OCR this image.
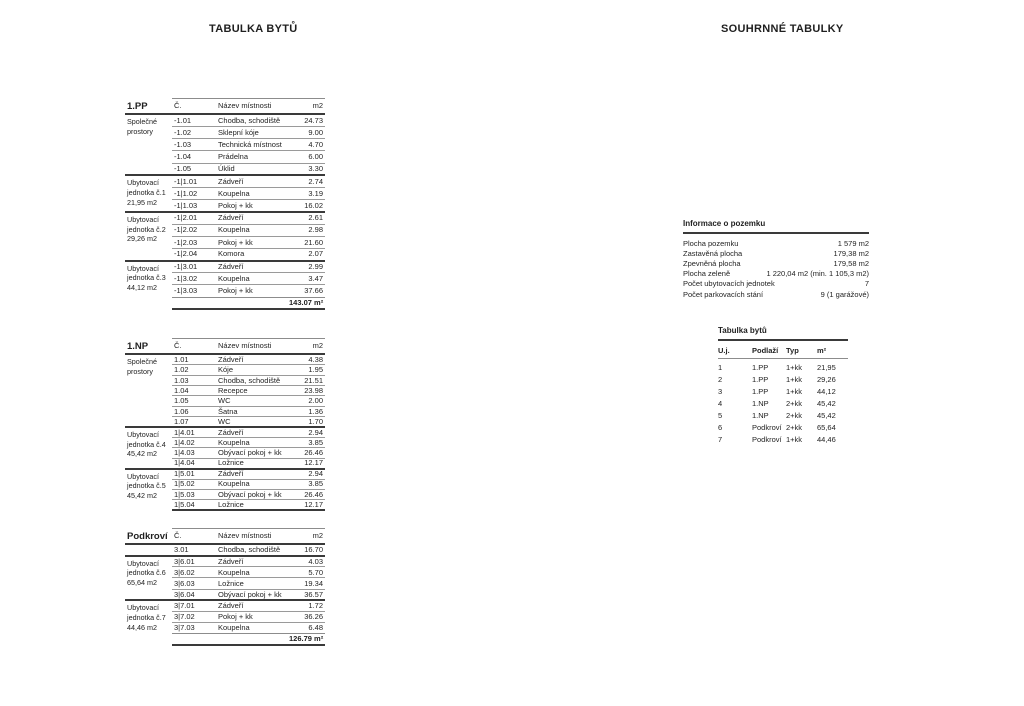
TABULKA BYTŮ	SOUHRNNÉ TABULKY
1.PP	Č.	Název místnosti	m2
Společné prostory	-1.01	Chodba, schodiště	24.73
	-1.02	Sklepní kóje	9.00
	-1.03	Technická místnost	4.70
	-1.04	Prádelna	6.00
	-1.05	Úklid	3.30
Ubytovací jednotka č.1 21,95 m2	-1|1.01	Zádveří	2.74
	-1|1.02	Koupelna	3.19
	-1|1.03	Pokoj + kk	16.02
Ubytovací jednotka č.2 29,26 m2	-1|2.01	Zádveří	2.61
	-1|2.02	Koupelna	2.98
	-1|2.03	Pokoj + kk	21.60
	-1|2.04	Komora	2.07
Ubytovací jednotka č.3 44,12 m2	-1|3.01	Zádveří	2.99
	-1|3.02	Koupelna	3.47
	-1|3.03	Pokoj + kk	37.66
			143.07 m²
1.NP	Č.	Název místnosti	m2
Společné prostory	1.01	Zádveří	4.38
	1.02	Kóje	1.95
	1.03	Chodba, schodiště	21.51
	1.04	Recepce	23.98
	1.05	WC	2.00
	1.06	Šatna	1.36
	1.07	WC	1.70
Ubytovací jednotka č.4 45,42 m2	1|4.01	Zádveří	2.94
	1|4.02	Koupelna	3.85
	1|4.03	Obývací pokoj + kk	26.46
	1|4.04	Ložnice	12.17
Ubytovací jednotka č.5 45,42 m2	1|5.01	Zádveří	2.94
	1|5.02	Koupelna	3.85
	1|5.03	Obývací pokoj + kk	26.46
	1|5.04	Ložnice	12.17
Podkroví	Č.	Název místnosti	m2
	3.01	Chodba, schodiště	16.70
Ubytovací jednotka č.6 65,64 m2	3|6.01	Zádveří	4.03
	3|6.02	Koupelna	5.70
	3|6.03	Ložnice	19.34
	3|6.04	Obývací pokoj + kk	36.57
Ubytovací jednotka č.7 44,46 m2	3|7.01	Zádveří	1.72
	3|7.02	Pokoj + kk	36.26
	3|7.03	Koupelna	6.48
			126.79 m²
Informace o pozemku
Plocha pozemku	1 579 m2
Zastavěná plocha	179,38 m2
Zpevněná plocha	179,58 m2
Plocha zeleně	1 220,04 m2 (min. 1 105,3 m2)
Počet ubytovacích jednotek	7
Počet parkovacích stání	9 (1 garážové)
Tabulka bytů
U.j.	Podlaží	Typ	m²
1	1.PP	1+kk	21,95
2	1.PP	1+kk	29,26
3	1.PP	1+kk	44,12
4	1.NP	2+kk	45,42
5	1.NP	2+kk	45,42
6	Podkroví 2+kk	65,64
7	Podkroví 1+kk	44,46
